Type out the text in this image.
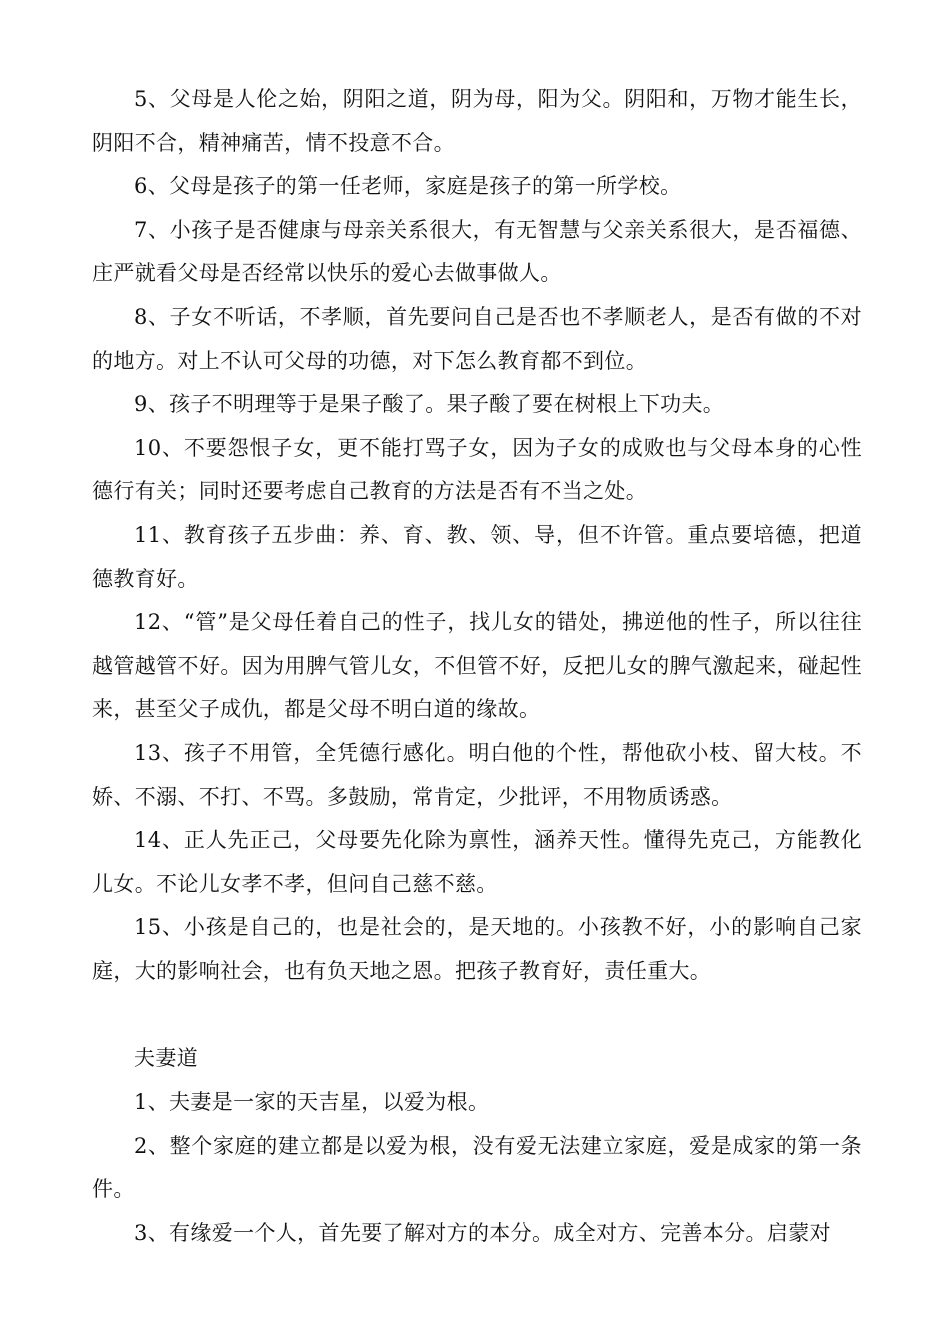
5、父母是人伦之始，阴阳之道，阴为母，阳为父。阴阳和，万物才能生长，阴阳不合，精神痛苦，情不投意不合。

6、父母是孩子的第一任老师，家庭是孩子的第一所学校。

7、小孩子是否健康与母亲关系很大，有无智慧与父亲关系很大，是否福德、庄严就看父母是否经常以快乐的爱心去做事做人。

8、子女不听话，不孝顺，首先要问自己是否也不孝顺老人，是否有做的不对的地方。对上不认可父母的功德，对下怎么教育都不到位。

9、孩子不明理等于是果子酸了。果子酸了要在树根上下功夫。

10、不要怨恨子女，更不能打骂子女，因为子女的成败也与父母本身的心性德行有关；同时还要考虑自己教育的方法是否有不当之处。

11、教育孩子五步曲：养、育、教、领、导，但不许管。重点要培德，把道德教育好。

12、“管”是父母任着自己的性子，找儿女的错处，拂逆他的性子，所以往往越管越管不好。因为用脾气管儿女，不但管不好，反把儿女的脾气激起来，碰起性来，甚至父子成仇，都是父母不明白道的缘故。

13、孩子不用管，全凭德行感化。明白他的个性，帮他砍小枝、留大枝。不娇、不溺、不打、不骂。多鼓励，常肯定，少批评，不用物质诱惑。

14、正人先正己，父母要先化除为禀性，涵养天性。懂得先克己，方能教化儿女。不论儿女孝不孝，但问自己慈不慈。

15、小孩是自己的，也是社会的，是天地的。小孩教不好，小的影响自己家庭，大的影响社会，也有负天地之恩。把孩子教育好，责任重大。

夫妻道

1、夫妻是一家的天吉星，以爱为根。

2、整个家庭的建立都是以爱为根，没有爱无法建立家庭，爱是成家的第一条件。

3、有缘爱一个人，首先要了解对方的本分。成全对方、完善本分。启蒙对
